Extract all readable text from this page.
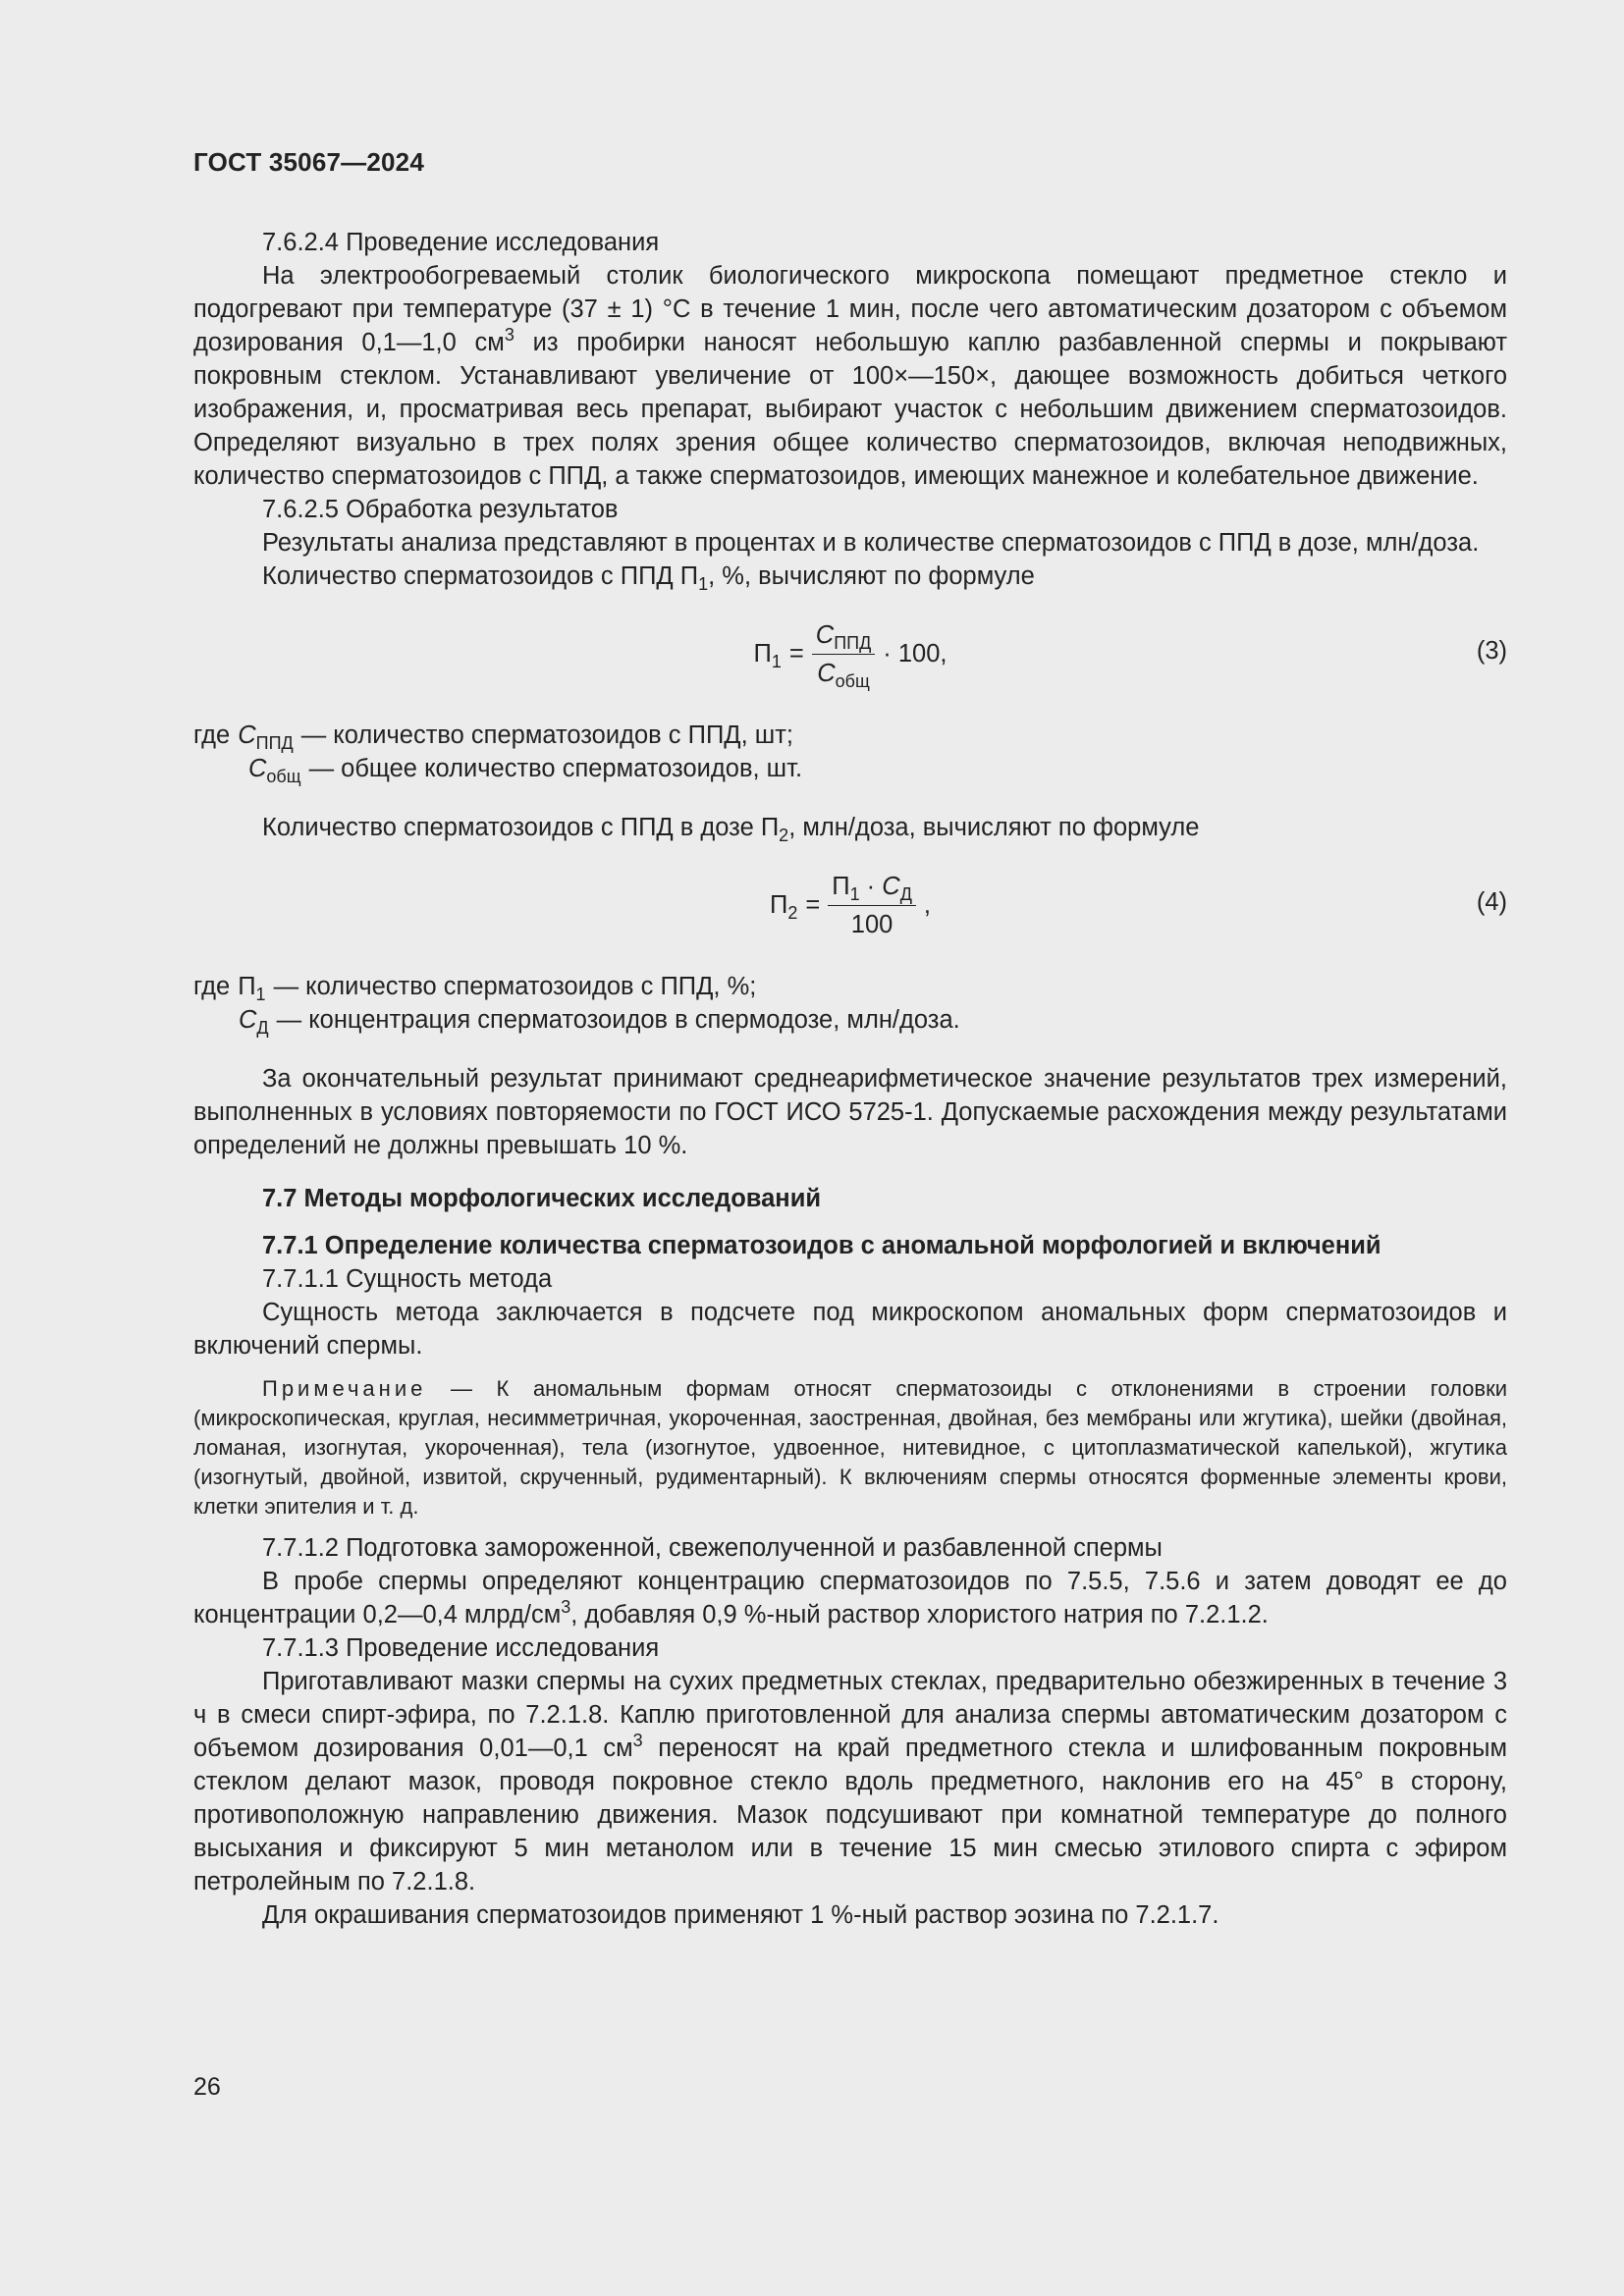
ГОСТ 35067—2024

7.6.2.4 Проведение исследования

На электрообогреваемый столик биологического микроскопа помещают предметное стекло и подогревают при температуре (37 ± 1) °С в течение 1 мин, после чего автоматическим дозатором с объемом дозирования 0,1—1,0 $см^3$ из пробирки наносят небольшую каплю разбавленной спермы и покрывают покровным стеклом. Устанавливают увеличение от 100×—150×, дающее возможность добиться четкого изображения, и, просматривая весь препарат, выбирают участок с небольшим движением сперматозоидов. Определяют визуально в трех полях зрения общее количество сперматозоидов, включая неподвижных, количество сперматозоидов с ППД, а также сперматозоидов, имеющих манежное и колебательное движение.

7.6.2.5 Обработка результатов

Результаты анализа представляют в процентах и в количестве сперматозоидов с ППД в дозе, млн/доза.

Количество сперматозоидов с ППД $П_1$, %, вычисляют по формуле

$П_1 = \frac{C_{ППД}}{C_{общ}} \cdot 100$,	(3)
где $C_{ППД}$ — количество сперматозоидов с ППД, шт;
$C_{общ}$ — общее количество сперматозоидов, шт.

Количество сперматозоидов с ППД в дозе $П_2$, млн/доза, вычисляют по формуле

$П_2 = \frac{П_1 \cdot C_Д}{100}$ ,	(4)
где $П_1$ — количество сперматозоидов с ППД, %;
$C_Д$ — концентрация сперматозоидов в спермодозе, млн/доза.

За окончательный результат принимают среднеарифметическое значение результатов трех измерений, выполненных в условиях повторяемости по ГОСТ ИСО 5725-1. Допускаемые расхождения между результатами определений не должны превышать 10 %.

7.7 Методы морфологических исследований

7.7.1 Определение количества сперматозоидов с аномальной морфологией и включений

7.7.1.1 Сущность метода

Сущность метода заключается в подсчете под микроскопом аномальных форм сперматозоидов и включений спермы.

Примечание — К аномальным формам относят сперматозоиды с отклонениями в строении головки (микроскопическая, круглая, несимметричная, укороченная, заостренная, двойная, без мембраны или жгутика), шейки (двойная, ломаная, изогнутая, укороченная), тела (изогнутое, удвоенное, нитевидное, с цитоплазматической капелькой), жгутика (изогнутый, двойной, извитой, скрученный, рудиментарный). К включениям спермы относятся форменные элементы крови, клетки эпителия и т. д.

7.7.1.2 Подготовка замороженной, свежеполученной и разбавленной спермы

В пробе спермы определяют концентрацию сперматозоидов по 7.5.5, 7.5.6 и затем доводят ее до концентрации 0,2—0,4 млрд/$см^3$, добавляя 0,9 %-ный раствор хлористого натрия по 7.2.1.2.

7.7.1.3 Проведение исследования

Приготавливают мазки спермы на сухих предметных стеклах, предварительно обезжиренных в течение 3 ч в смеси спирт-эфира, по 7.2.1.8. Каплю приготовленной для анализа спермы автоматическим дозатором с объемом дозирования 0,01—0,1 $см^3$ переносят на край предметного стекла и шлифованным покровным стеклом делают мазок, проводя покровное стекло вдоль предметного, наклонив его на 45° в сторону, противоположную направлению движения. Мазок подсушивают при комнатной температуре до полного высыхания и фиксируют 5 мин метанолом или в течение 15 мин смесью этилового спирта с эфиром петролейным по 7.2.1.8.

Для окрашивания сперматозоидов применяют 1 %-ный раствор эозина по 7.2.1.7.

26
